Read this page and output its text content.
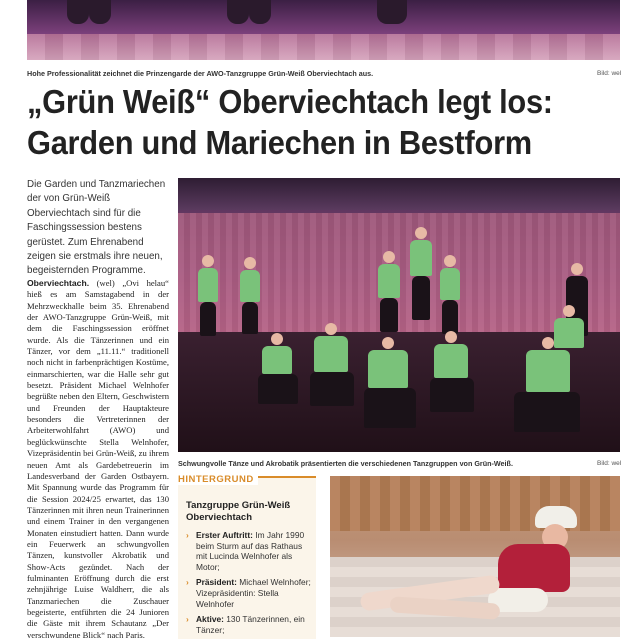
Hohe Professionalität zeichnet die Prinzengarde der AWO-Tanzgruppe Grün-Weiß Oberviechtach aus.	Bild: wel
„Grün Weiß“ Oberviechtach legt los:
Garden und Mariechen in Bestform
Die Garden und Tanzmariechen der von Grün-Weiß Oberviechtach sind für die Faschingssession bestens gerüstet. Zum Ehrenabend zeigen sie erstmals ihre neuen, begeisternden Programme.
Oberviechtach. (wel) „Ovi helau“ hieß es am Samstagabend in der Mehrzweckhalle beim 35. Ehrenabend der AWO-Tanzgruppe Grün-Weiß, mit dem die Faschingssession eröffnet wurde. Als die Tänzerinnen und ein Tänzer, vor dem „11.11.“ traditionell noch nicht in farbenprächtigen Kostüme, einmarschierten, war die Halle sehr gut besetzt. Präsident Michael Welnhofer begrüßte neben den Eltern, Geschwistern und Freunden der Hauptakteure besonders die Vertreterinnen der Arbeiterwohlfahrt (AWO) und beglückwünschte Stella Welnhofer, Vizepräsidentin bei Grün-Weiß, zu ihrem neuen Amt als Gardebetreuerin im Landesverband der Garden Ostbayern. Mit Spannung wurde das Programm für die Session 2024/25 erwartet, das 130 Tänzerinnen mit ihren neun Trainerinnen und einem Trainer in den vergangenen Monaten einstudiert hatten. Dann wurde ein Feuerwerk an schwungvollen Tänzen, kunstvoller Akrobatik und Show-Acts gezündet. Nach der fulminanten Eröffnung durch die erst zehnjährige Luise Waldherr, die als Tanzmariechen die Zuschauer begeisterte, entführten die 24 Junioren die Gäste mit ihrem Schautanz „Der verschwundene Blick“ nach Paris.
Schwungvolle Tänze und Akrobatik präsentierten die verschiedenen Tanzgruppen von Grün-Weiß.	Bild: wel
HINTERGRUND
Tanzgruppe Grün-Weiß Oberviechtach
› Erster Auftritt: Im Jahr 1990 beim Sturm auf das Rathaus mit Lucinda Welnhofer als Motor;
› Präsident: Michael Welnhofer; Vizepräsidentin: Stella Welnhofer
› Aktive: 130 Tänzerinnen, ein Tänzer;
